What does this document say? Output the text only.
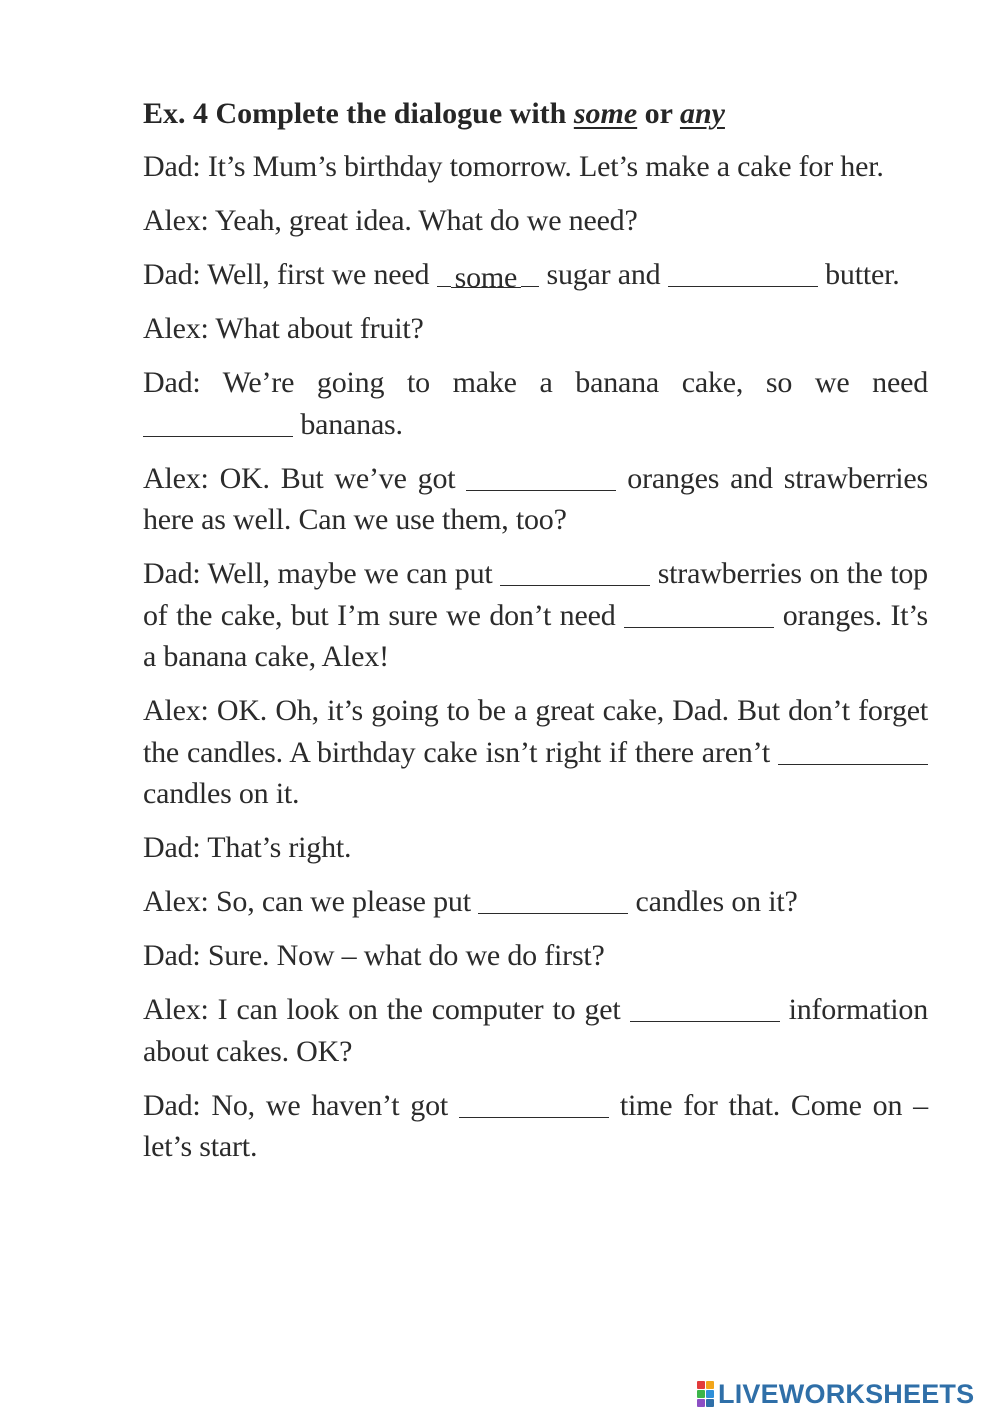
Ex. 4 Complete the dialogue with some or any

Dad: It’s Mum’s birthday tomorrow. Let’s make a cake for her.

Alex: Yeah, great idea. What do we need?

Dad: Well, first we need some sugar and	butter.

Alex: What about fruit?

Dad: We’re going to make a banana cake, so we need  bananas.

Alex: OK. But we’ve got	oranges and strawberries here as well. Can we use them, too?

Dad: Well, maybe we can put	strawberries on the top of the cake, but I’m sure we don’t need	oranges. It’s a banana cake, Alex!

Alex: OK. Oh, it’s going to be a great cake, Dad. But don’t forget the candles. A birthday cake isn’t right if there aren’t  candles on it.

Dad: That’s right.

Alex: So, can we please put	candles on it?

Dad: Sure. Now – what do we do first?

Alex: I can look on the computer to get	information about cakes. OK?

Dad: No, we haven’t got	time for that. Come on – let’s start.

LIVEWORKSHEETS
